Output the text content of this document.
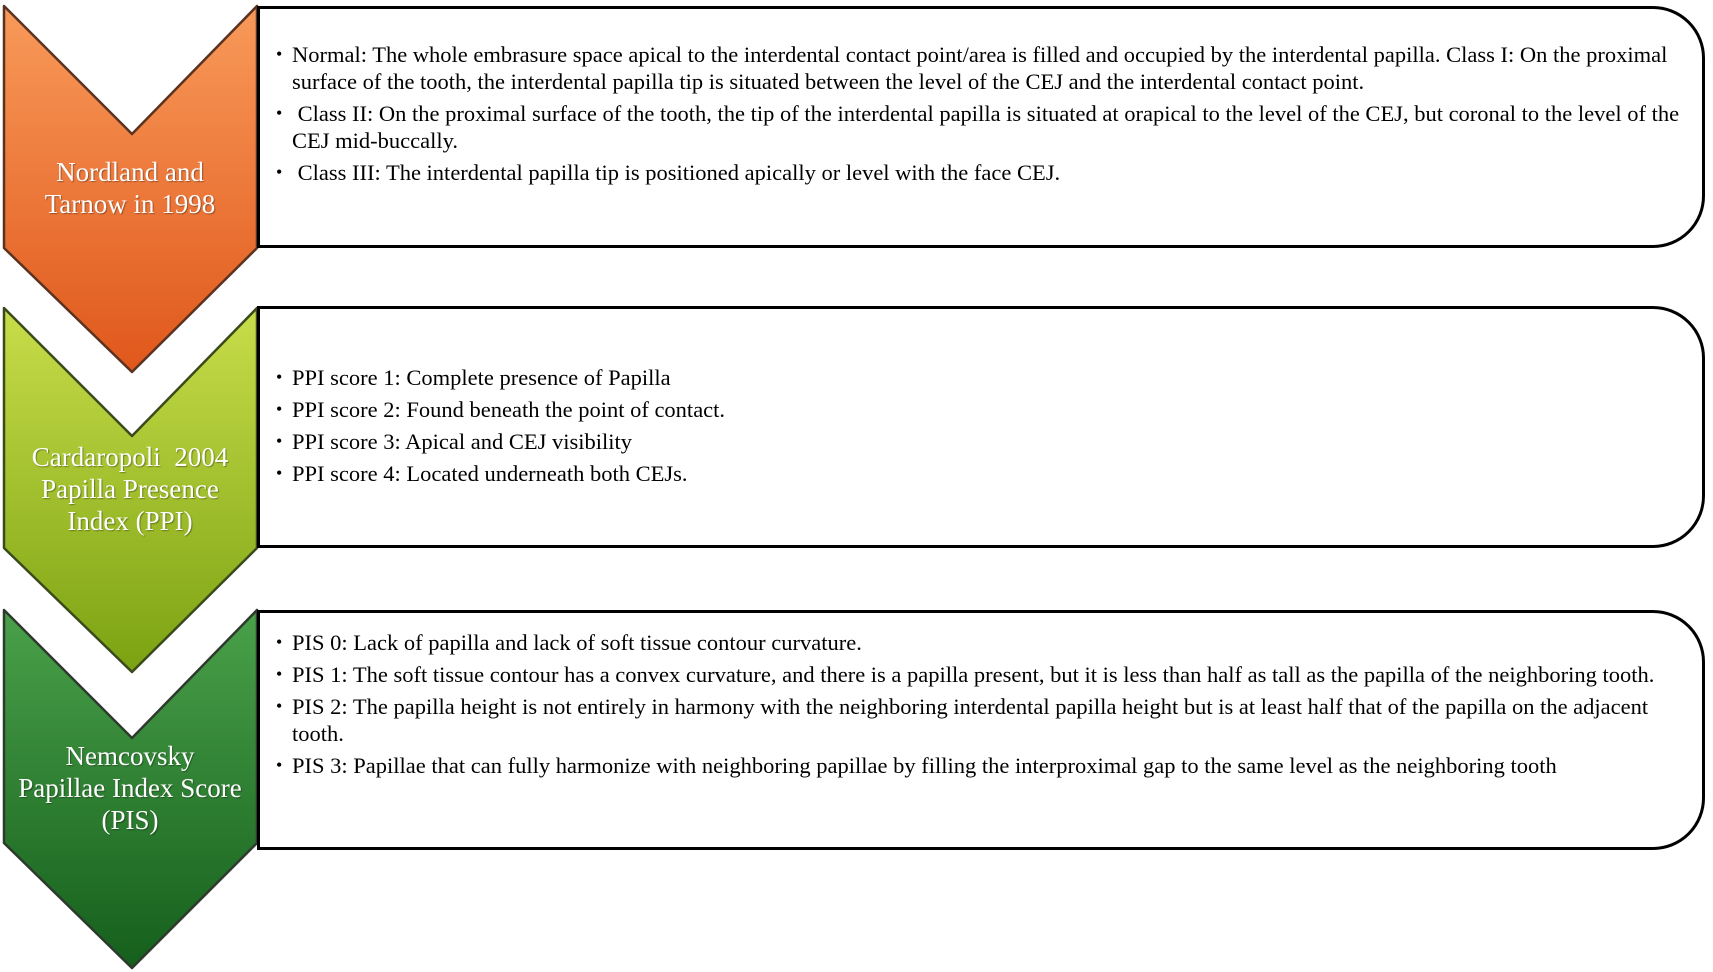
Nordland and
Tarnow in 1998
Cardaropoli  2004
Papilla Presence
Index (PPI)
Nemcovsky
Papillae Index Score
(PIS)
• Normal: The whole embrasure space apical to the interdental contact point/area is filled and occupied by the interdental papilla. Class I: On the proximal surface of the tooth, the interdental papilla tip is situated between the level of the CEJ and the interdental contact point.
•  Class II: On the proximal surface of the tooth, the tip of the interdental papilla is situated at orapical to the level of the CEJ, but coronal to the level of the CEJ mid-buccally.
•  Class III: The interdental papilla tip is positioned apically or level with the face CEJ.
• PPI score 1: Complete presence of Papilla
• PPI score 2: Found beneath the point of contact.
• PPI score 3: Apical and CEJ visibility
• PPI score 4: Located underneath both CEJs.
• PIS 0: Lack of papilla and lack of soft tissue contour curvature.
• PIS 1: The soft tissue contour has a convex curvature, and there is a papilla present, but it is less than half as tall as the papilla of the neighboring tooth.
• PIS 2: The papilla height is not entirely in harmony with the neighboring interdental papilla height but is at least half that of the papilla on the adjacent tooth.
• PIS 3: Papillae that can fully harmonize with neighboring papillae by filling the interproximal gap to the same level as the neighboring tooth
